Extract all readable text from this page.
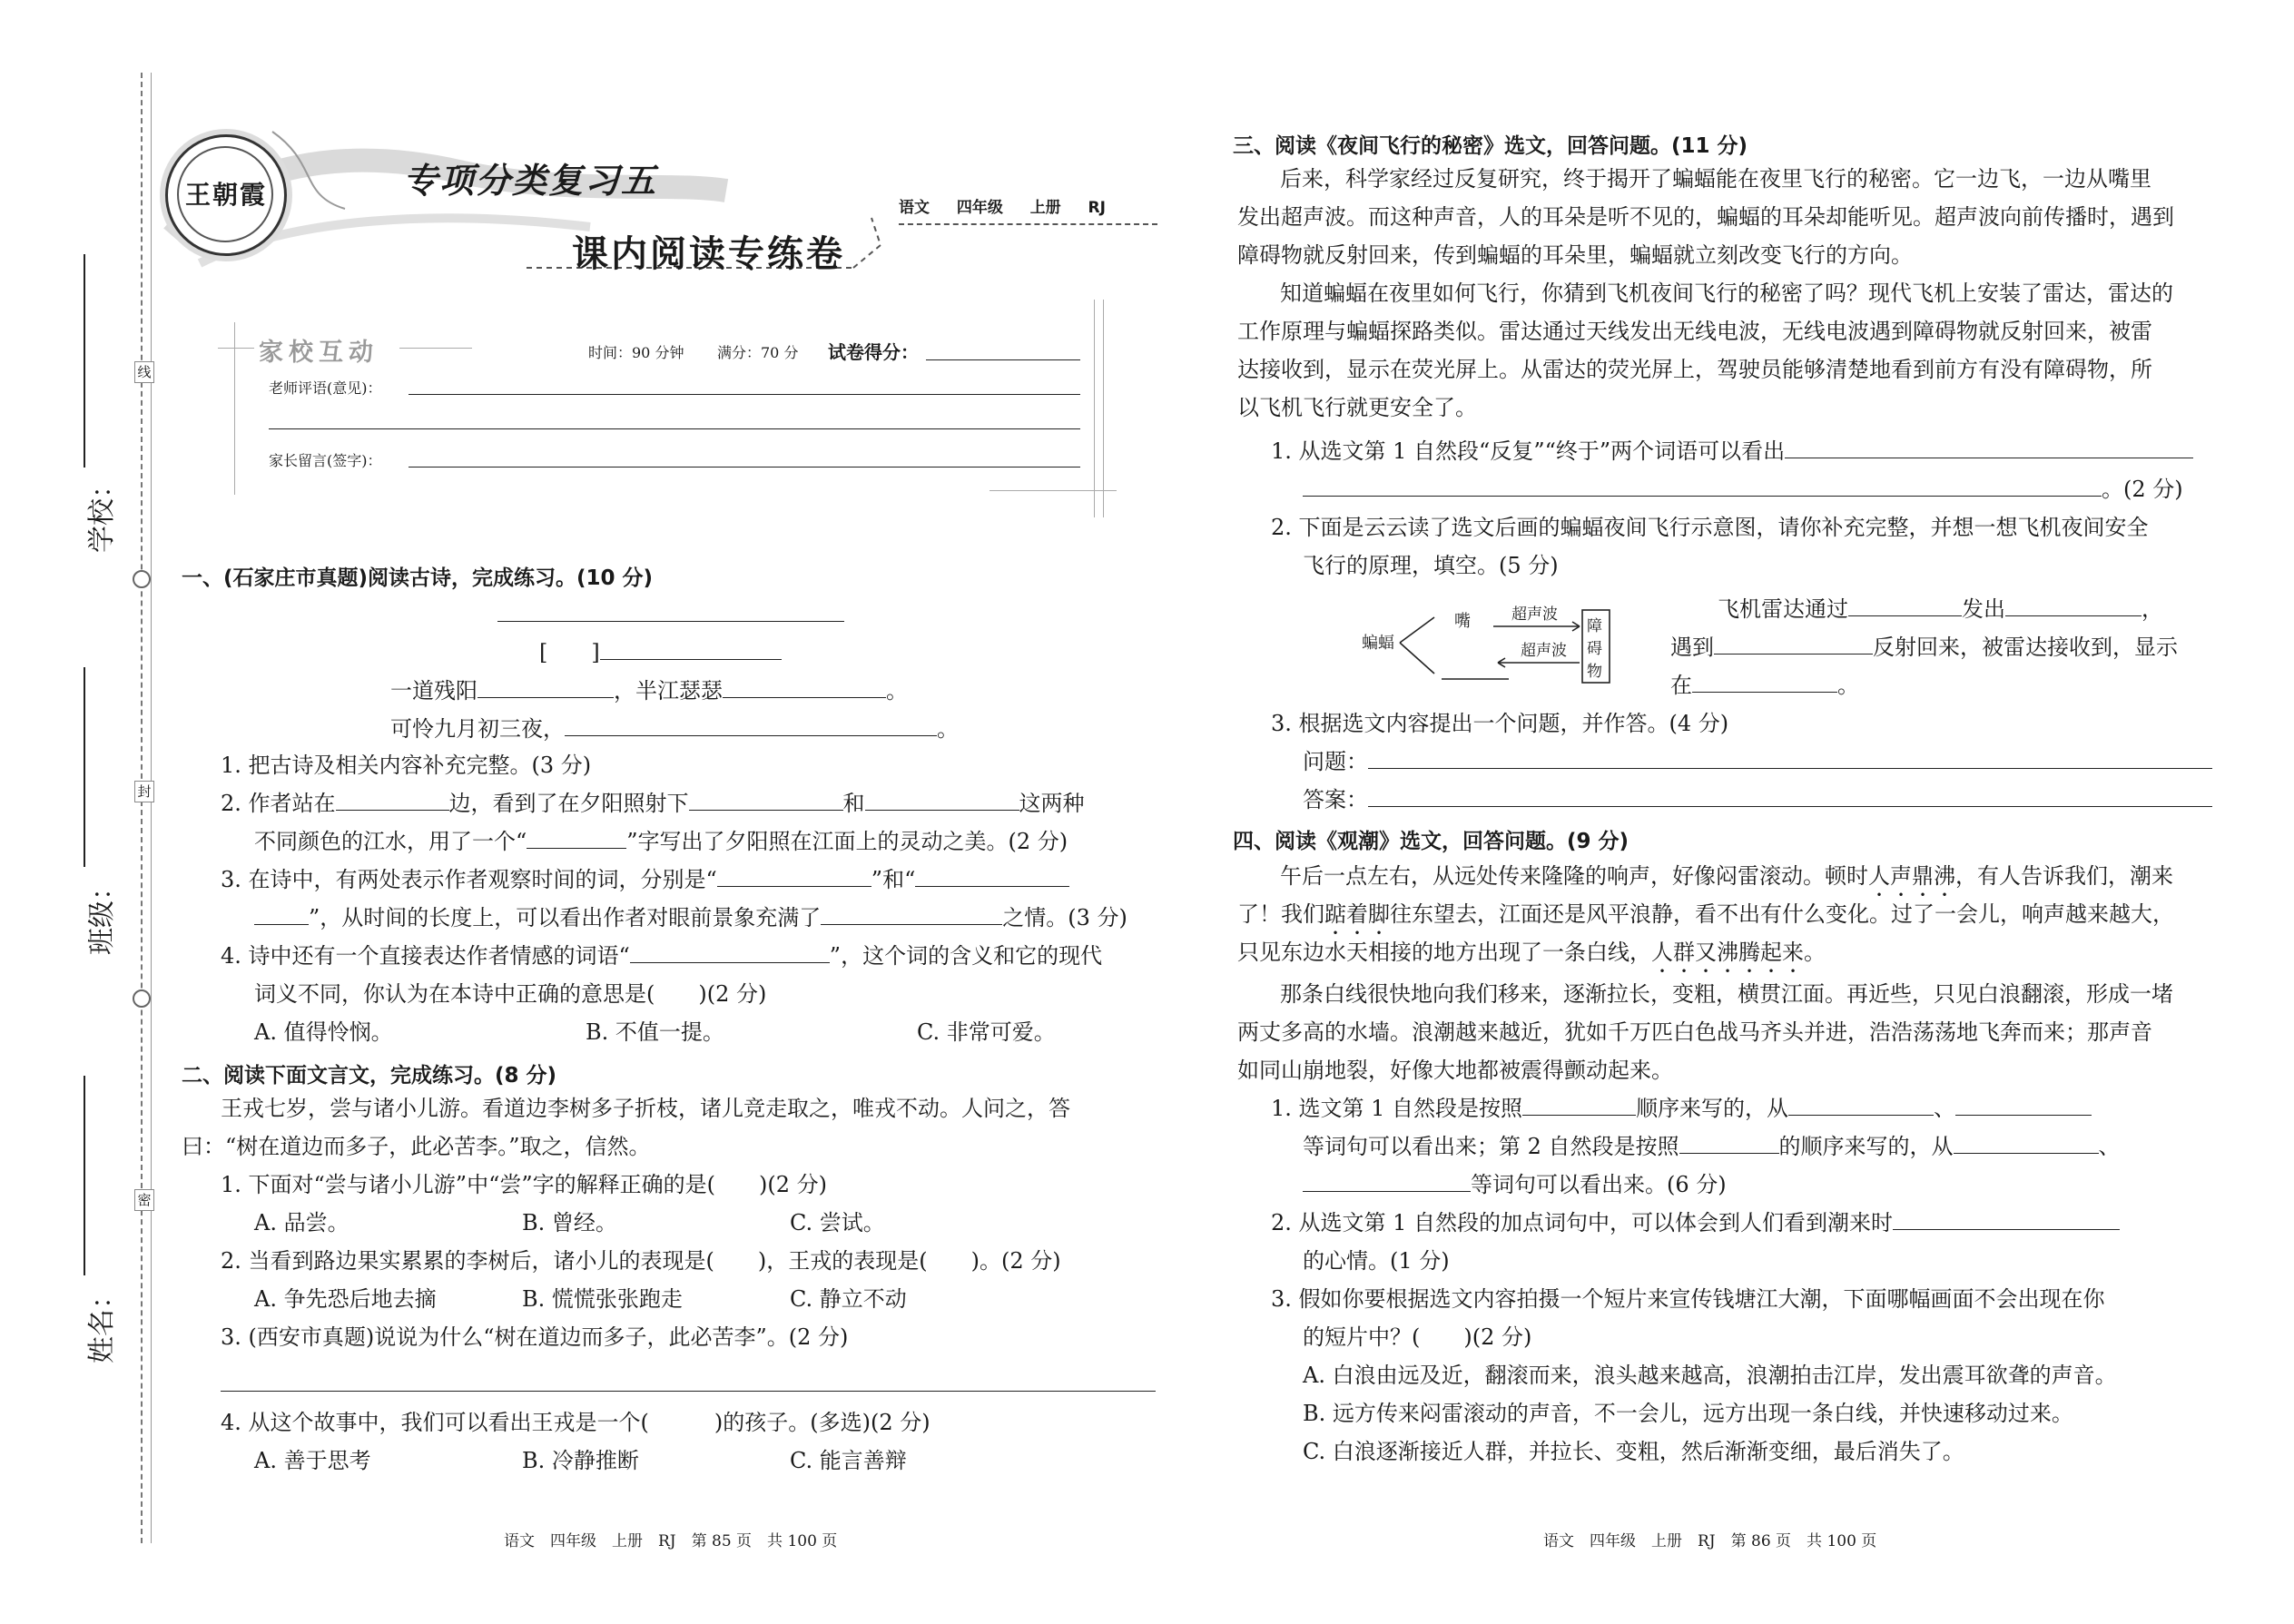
线
封
密
学校：
班级：
姓名：
王朝霞	专项分类复习五
课内阅读专练卷
语文 四年级 上册 RJ
家校互动	时间：90 分钟 满分：70 分 试卷得分：
老师评语(意见)：
家长留言(签字)：
一、(石家庄市真题)阅读古诗，完成练习。(10 分)
[　　]
一道残阳	，半江瑟瑟	。
可怜九月初三夜，	。
1. 把古诗及相关内容补充完整。(3 分)
2. 作者站在	边，看到了在夕阳照射下	和	这两种
不同颜色的江水，用了一个“	”字写出了夕阳照在江面上的灵动之美。(2 分)
3. 在诗中，有两处表示作者观察时间的词，分别是“	”和“
”，从时间的长度上，可以看出作者对眼前景象充满了	之情。(3 分)
4. 诗中还有一个直接表达作者情感的词语“	”，这个词的含义和它的现代
词义不同，你认为在本诗中正确的意思是(　　)(2 分)
A. 值得怜悯。	B. 不值一提。	C. 非常可爱。
二、阅读下面文言文，完成练习。(8 分)
王戎七岁，尝与诸小儿游。看道边李树多子折枝，诸儿竞走取之，唯戎不动。人问之，答
曰：“树在道边而多子，此必苦李。”取之，信然。
1. 下面对“尝与诸小儿游”中“尝”字的解释正确的是(　　)(2 分)
A. 品尝。	B. 曾经。	C. 尝试。
2. 当看到路边果实累累的李树后，诸小儿的表现是(　　)，王戎的表现是(　　)。(2 分)
A. 争先恐后地去摘	B. 慌慌张张跑走	C. 静立不动
3. (西安市真题)说说为什么“树在道边而多子，此必苦李”。(2 分)
4. 从这个故事中，我们可以看出王戎是一个(　　　)的孩子。(多选)(2 分)
A. 善于思考	B. 冷静推断	C. 能言善辩
语文　四年级　上册　RJ　第 85 页　共 100 页
三、阅读《夜间飞行的秘密》选文，回答问题。(11 分)
后来，科学家经过反复研究，终于揭开了蝙蝠能在夜里飞行的秘密。它一边飞，一边从嘴里
发出超声波。而这种声音，人的耳朵是听不见的，蝙蝠的耳朵却能听见。超声波向前传播时，遇到
障碍物就反射回来，传到蝙蝠的耳朵里，蝙蝠就立刻改变飞行的方向。
知道蝙蝠在夜里如何飞行，你猜到飞机夜间飞行的秘密了吗？现代飞机上安装了雷达，雷达的
工作原理与蝙蝠探路类似。雷达通过天线发出无线电波，无线电波遇到障碍物就反射回来，被雷
达接收到，显示在荧光屏上。从雷达的荧光屏上，驾驶员能够清楚地看到前方有没有障碍物，所
以飞机飞行就更安全了。
1. 从选文第 1 自然段“反复”“终于”两个词语可以看出
。(2 分)
2. 下面是云云读了选文后画的蝙蝠夜间飞行示意图，请你补充完整，并想一想飞机夜间安全
飞行的原理，填空。(5 分)
蝙蝠
嘴	超声波
超声波
障
碍
物
飞机雷达通过	发出	，
遇到	反射回来，被雷达接收到，显示
在	。
3. 根据选文内容提出一个问题，并作答。(4 分)
问题：
答案：
四、阅读《观潮》选文，回答问题。(9 分)
午后一点左右，从远处传来隆隆的响声，好像闷雷滚动。顿时人声鼎沸，有人告诉我们，潮来
了！我们踮着脚往东望去，江面还是风平浪静，看不出有什么变化。过了一会儿，响声越来越大，
只见东边水天相接的地方出现了一条白线，人群又沸腾起来。
那条白线很快地向我们移来，逐渐拉长，变粗，横贯江面。再近些，只见白浪翻滚，形成一堵
两丈多高的水墙。浪潮越来越近，犹如千万匹白色战马齐头并进，浩浩荡荡地飞奔而来；那声音
如同山崩地裂，好像大地都被震得颤动起来。
1. 选文第 1 自然段是按照	顺序来写的，从	、
等词句可以看出来；第 2 自然段是按照	的顺序来写的，从	、
等词句可以看出来。(6 分)
2. 从选文第 1 自然段的加点词句中，可以体会到人们看到潮来时
的心情。(1 分)
3. 假如你要根据选文内容拍摄一个短片来宣传钱塘江大潮，下面哪幅画面不会出现在你
的短片中？(　　)(2 分)
A. 白浪由远及近，翻滚而来，浪头越来越高，浪潮拍击江岸，发出震耳欲聋的声音。
B. 远方传来闷雷滚动的声音，不一会儿，远方出现一条白线，并快速移动过来。
C. 白浪逐渐接近人群，并拉长、变粗，然后渐渐变细，最后消失了。
语文　四年级　上册　RJ　第 86 页　共 100 页
